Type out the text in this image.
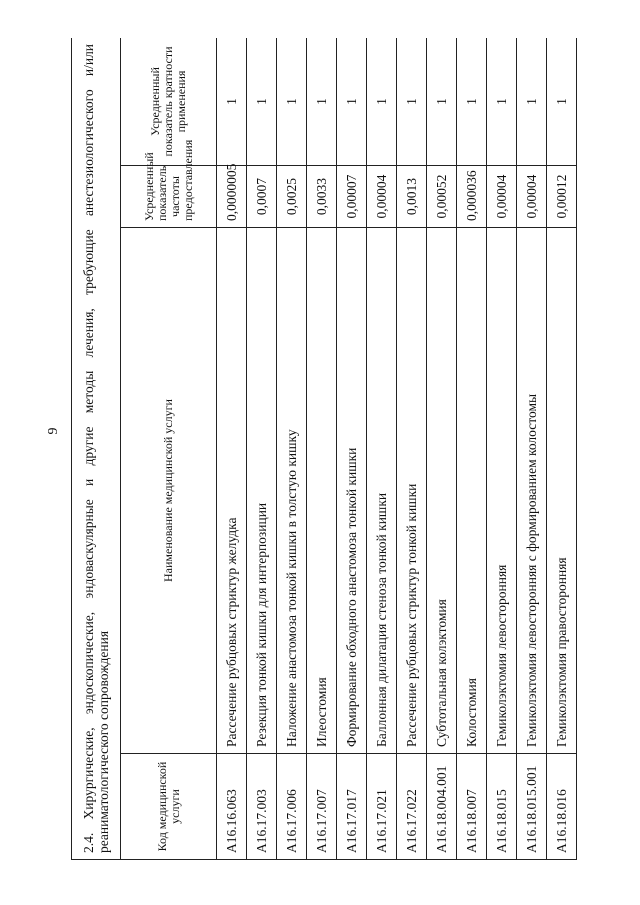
9 2.4. Хирургические, эндоскопические, эндоваскулярные и другие методы лечения, требующие анестезиологического и/или реаниматологического сопровождения			
Код медицинской услуги	Наименование медицинской услуги	Усредненный показатель частоты предоставления	Усредненный показатель кратности применения
A16.16.063	Рассечение рубцовых стриктур желудка	0,0000005	1
A16.17.003	Резекция тонкой кишки для интерпозиции	0,0007	1
A16.17.006	Наложение анастомоза тонкой кишки в толстую кишку	0,0025	1
A16.17.007	Илеостомия	0,0033	1
A16.17.017	Формирование обходного анастомоза тонкой кишки	0,00007	1
A16.17.021	Баллонная дилатация стеноза тонкой кишки	0,00004	1
A16.17.022	Рассечение рубцовых стриктур тонкой кишки	0,0013	1
A16.18.004.001	Субтотальная колэктомия	0,00052	1
A16.18.007	Колостомия	0,000036	1
A16.18.015	Гемиколэктомия левосторонняя	0,00004	1
A16.18.015.001	Гемиколэктомия левосторонняя с формированием колостомы	0,00004	1
A16.18.016	Гемиколэктомия правосторонняя	0,00012	1
